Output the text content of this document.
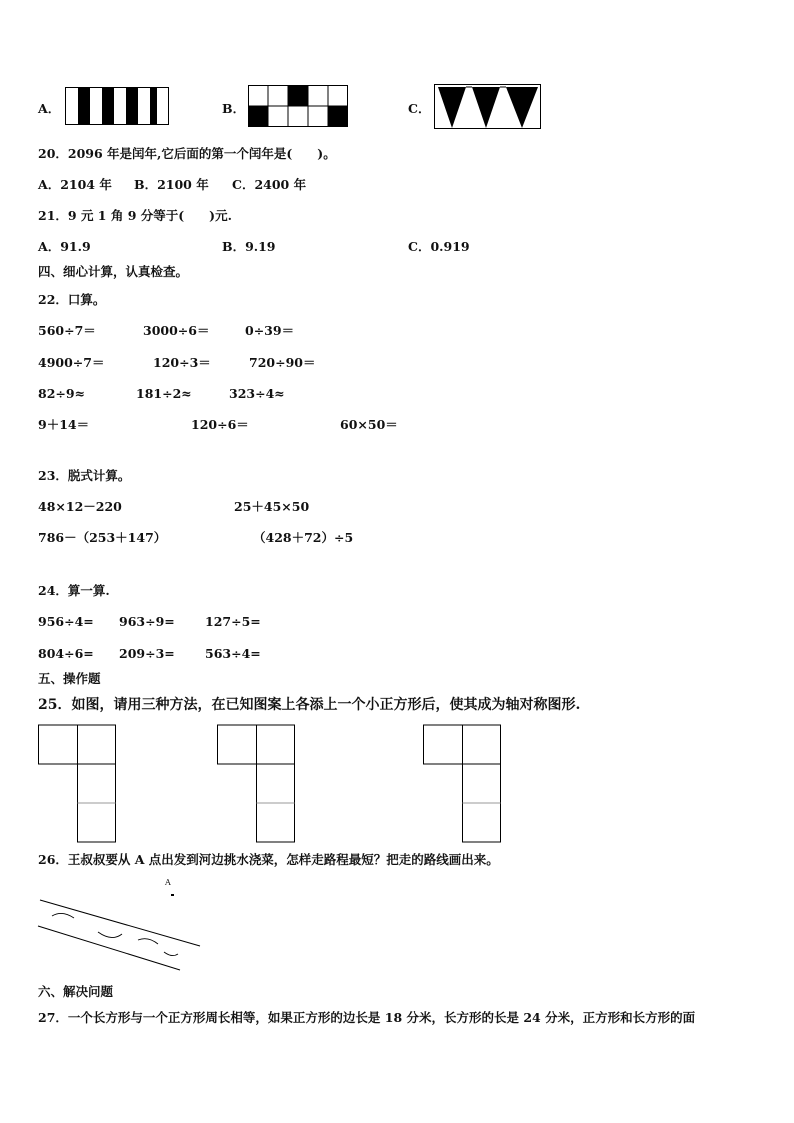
A．	B．	C．
20．2096 年是闰年,它后面的第一个闰年是(　　)。
A．2104 年 B．2100 年 C．2400 年
21．9 元 1 角 9 分等于(　　)元.
A．91.9	B．9.19	C．0.919
四、细心计算，认真检查。
22．口算。
560÷7＝	3000÷6＝	0÷39＝
4900÷7＝	120÷3＝	720÷90＝
82÷9≈	181÷2≈	323÷4≈
9＋14＝	120÷6＝	60×50＝
23．脱式计算。
48×12－220	25＋45×50
786－（253＋147）	（428＋72）÷5
24．算一算.
956÷4= 963÷9= 127÷5=
804÷6= 209÷3= 563÷4=
五、操作题
25．如图，请用三种方法，在已知图案上各添上一个小正方形后，使其成为轴对称图形.
26．王叔叔要从 A 点出发到河边挑水浇菜，怎样走路程最短？把走的路线画出来。
A
六、解决问题
27．一个长方形与一个正方形周长相等，如果正方形的边长是 18 分米，长方形的长是 24 分米，正方形和长方形的面
